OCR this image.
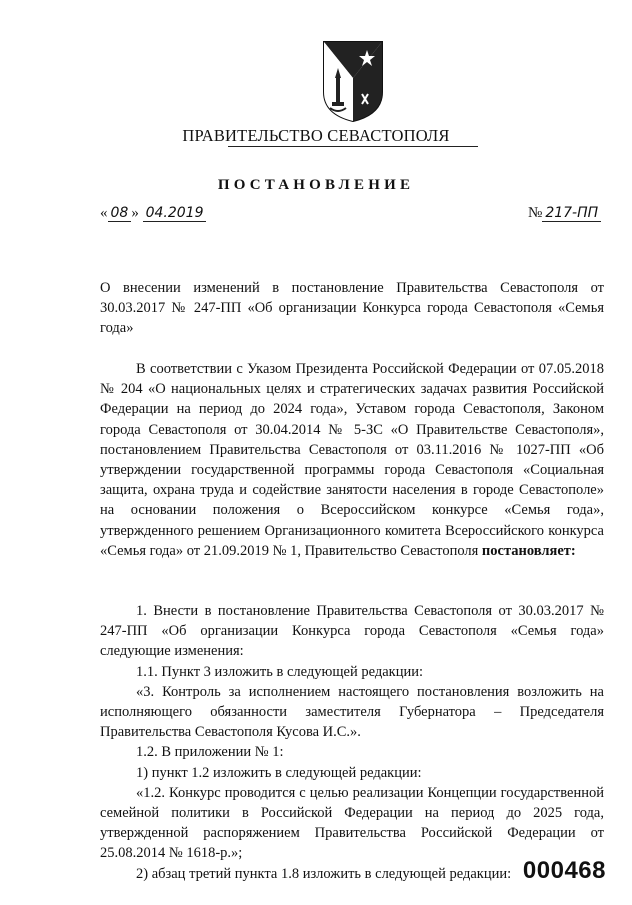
ПРАВИТЕЛЬСТВО СЕВАСТОПОЛЯ
ПОСТАНОВЛЕНИЕ
« 08 » 04.2019	№ 217-ПП

О внесении изменений в постановление Правительства Севастополя от 30.03.2017 № 247-ПП «Об организации Конкурса города Севастополя «Семья года»

В соответствии с Указом Президента Российской Федерации от 07.05.2018 № 204 «О национальных целях и стратегических задачах развития Российской Федерации на период до 2024 года», Уставом города Севастополя, Законом города Севастополя от 30.04.2014 № 5-ЗС «О Правительстве Севастополя», постановлением Правительства Севастополя от 03.11.2016 № 1027-ПП «Об утверждении государственной программы города Севастополя «Социальная защита, охрана труда и содействие занятости населения в городе Севастополе» на основании положения о Всероссийском конкурсе «Семья года», утвержденного решением Организационного комитета Всероссийского конкурса «Семья года» от 21.09.2019 № 1, Правительство Севастополя постановляет:

1. Внести в постановление Правительства Севастополя от 30.03.2017 № 247-ПП «Об организации Конкурса города Севастополя «Семья года» следующие изменения:

1.1. Пункт 3 изложить в следующей редакции:

«3. Контроль за исполнением настоящего постановления возложить на исполняющего обязанности заместителя Губернатора – Председателя Правительства Севастополя Кусова И.С.».

1.2. В приложении № 1:

1) пункт 1.2 изложить в следующей редакции:

«1.2. Конкурс проводится с целью реализации Концепции государственной семейной политики в Российской Федерации на период до 2025 года, утвержденной распоряжением Правительства Российской Федерации от 25.08.2014 № 1618-р.»;

2) абзац третий пункта 1.8 изложить в следующей редакции: 000468
